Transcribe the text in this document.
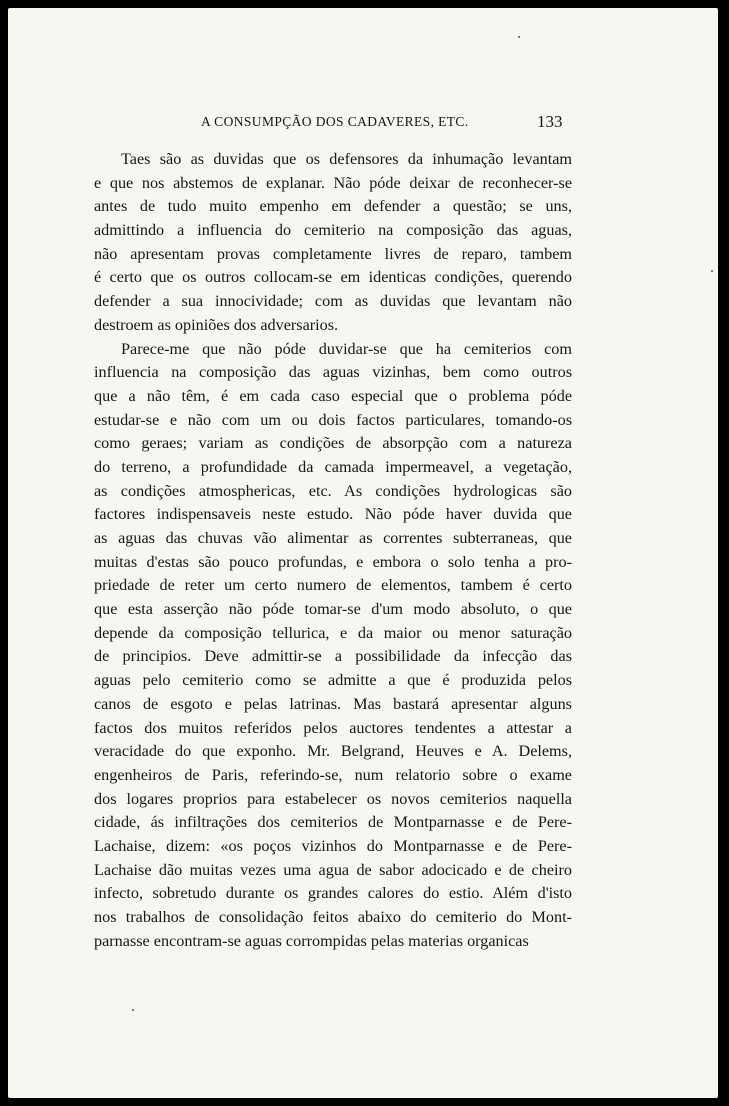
A CONSUMPÇÃO DOS CADAVERES, ETC.	133
Taes são as duvidas que os defensores da inhumação levantam
e que nos abstemos de explanar. Não póde deixar de reconhecer-se
antes de tudo muito empenho em defender a questão; se uns,
admittindo a influencia do cemiterio na composição das aguas,
não apresentam provas completamente livres de reparo, tambem
é certo que os outros collocam-se em identicas condições, querendo
defender a sua innocividade; com as duvidas que levantam não
destroem as opiniões dos adversarios.
Parece-me que não póde duvidar-se que ha cemiterios com
influencia na composição das aguas vizinhas, bem como outros
que a não têm, é em cada caso especial que o problema póde
estudar-se e não com um ou dois factos particulares, tomando-os
como geraes; variam as condições de absorpção com a natureza
do terreno, a profundidade da camada impermeavel, a vegetação,
as condições atmosphericas, etc. As condições hydrologicas são
factores indispensaveis neste estudo. Não póde haver duvida que
as aguas das chuvas vão alimentar as correntes subterraneas, que
muitas d'estas são pouco profundas, e embora o solo tenha a pro-
priedade de reter um certo numero de elementos, tambem é certo
que esta asserção não póde tomar-se d'um modo absoluto, o que
depende da composição tellurica, e da maior ou menor saturação
de principios. Deve admittir-se a possibilidade da infecção das
aguas pelo cemiterio como se admitte a que é produzida pelos
canos de esgoto e pelas latrinas. Mas bastará apresentar alguns
factos dos muitos referidos pelos auctores tendentes a attestar a
veracidade do que exponho. Mr. Belgrand, Heuves e A. Delems,
engenheiros de Paris, referindo-se, num relatorio sobre o exame
dos logares proprios para estabelecer os novos cemiterios naquella
cidade, ás infiltrações dos cemiterios de Montparnasse e de Pere-
Lachaise, dizem: «os poços vizinhos do Montparnasse e de Pere-
Lachaise dão muitas vezes uma agua de sabor adocicado e de cheiro
infecto, sobretudo durante os grandes calores do estio. Além d'isto
nos trabalhos de consolidação feitos abaixo do cemiterio do Mont-
parnasse encontram-se aguas corrompidas pelas materias organicas
